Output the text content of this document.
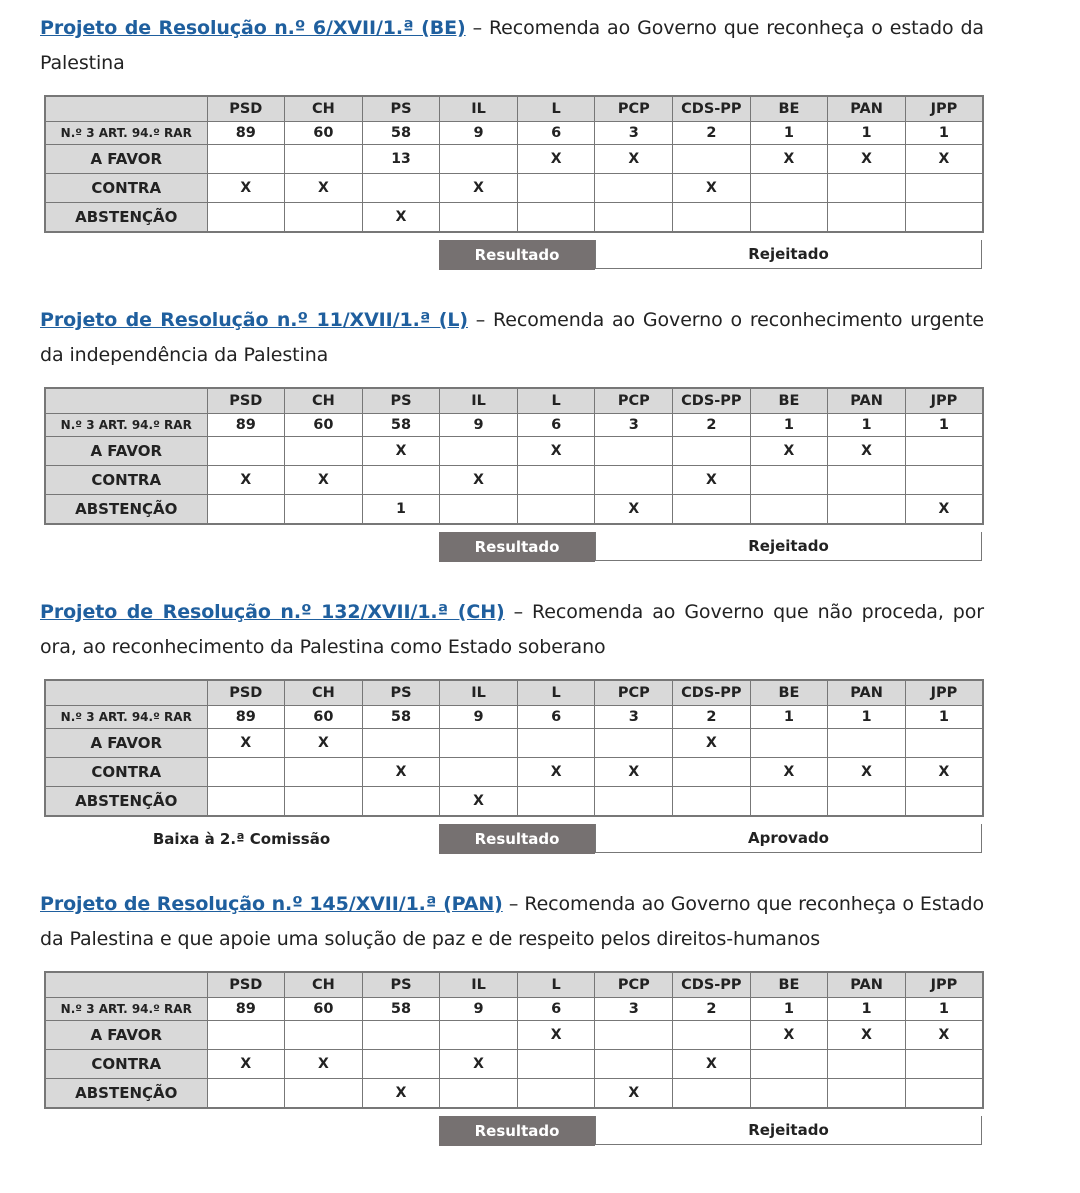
Projeto de Resolução n.º 6/XVII/1.ª (BE) – Recomenda ao Governo que reconheça o estado da Palestina
	PSD	CH	PS	IL	L	PCP	CDS-PP	BE	PAN	JPP
N.º 3 ART. 94.º RAR	89	60	58	9	6	3	2	1	1	1
A FAVOR			13		X	X		X	X	X
CONTRA	X	X		X			X			
ABSTENÇÃO			X							
Resultado	Rejeitado
Projeto de Resolução n.º 11/XVII/1.ª (L) – Recomenda ao Governo o reconhecimento urgente da independência da Palestina
	PSD	CH	PS	IL	L	PCP	CDS-PP	BE	PAN	JPP
N.º 3 ART. 94.º RAR	89	60	58	9	6	3	2	1	1	1
A FAVOR			X		X			X	X	
CONTRA	X	X		X			X			
ABSTENÇÃO			1			X				X
Resultado	Rejeitado
Projeto de Resolução n.º 132/XVII/1.ª (CH) – Recomenda ao Governo que não proceda, por ora, ao reconhecimento da Palestina como Estado soberano
	PSD	CH	PS	IL	L	PCP	CDS-PP	BE	PAN	JPP
N.º 3 ART. 94.º RAR	89	60	58	9	6	3	2	1	1	1
A FAVOR	X	X					X			
CONTRA			X		X	X		X	X	X
ABSTENÇÃO				X						
Baixa à 2.ª Comissão	Resultado	Aprovado
Projeto de Resolução n.º 145/XVII/1.ª (PAN) – Recomenda ao Governo que reconheça o Estado da Palestina e que apoie uma solução de paz e de respeito pelos direitos-humanos
	PSD	CH	PS	IL	L	PCP	CDS-PP	BE	PAN	JPP
N.º 3 ART. 94.º RAR	89	60	58	9	6	3	2	1	1	1
A FAVOR					X			X	X	X
CONTRA	X	X		X			X			
ABSTENÇÃO			X			X				
Resultado	Rejeitado
